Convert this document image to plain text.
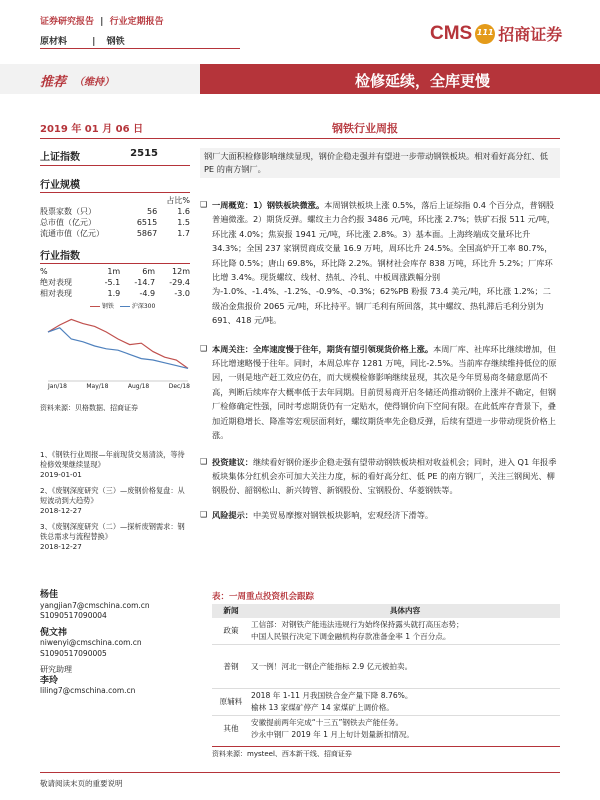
证券研究报告 | 行业定期报告
原材料	| 钢铁	CMS 111 招商证券
推荐 （维持）	检修延续，全库更慢
2019 年 01 月 06 日	钢铁行业周报
上证指数	2515
行业规模
		占比%
股票家数（只）	56	1.6
总市值（亿元）	6515	1.5
流通市值（亿元）	5867	1.7
行业指数
%	1m	6m	12m
绝对表现	-5.1	-14.7	-29.4
相对表现	1.9	-4.9	-3.0
钢铁	沪深300
Jan/18	May/18	Aug/18	Dec/18
资料来源：贝格数据、招商证券
1、《钢铁行业周报—年前现货交易清淡，等待检修效果继续显现》
2019-01-01
2、《废钢深度研究（三）—废钢价格复盘：从短波动到大趋势》
2018-12-27
3、《废钢深度研究（二）—探析废钢需求：钢铁总需求与流程替换》
2018-12-27
杨佳
yangjian7@cmschina.com.cn
S1090517090004
倪文祎
niwenyi@cmschina.com.cn
S1090517090005
研究助理
李玲
liling7@cmschina.com.cn
钢厂大面积检修影响继续显现，钢价企稳走强并有望进一步带动钢铁板块。相对看好高分红、低 PE 的南方钢厂。
❑ 一周概览：1）钢铁板块微涨。本周钢铁板块上涨 0.5%，落后上证综指 0.4 个百分点，普钢股普遍微涨。2）期货反弹。螺纹主力合约报 3486 元/吨，环比涨 2.7%；铁矿石报 511 元/吨，环比涨 4.0%；焦炭报 1941 元/吨，环比涨 2.8%。3）基本面。上海终端成交量环比升 34.3%；全国 237 家钢贸商成交量 16.9 万吨，周环比升 24.5%。全国高炉开工率 80.7%，环比降 0.5%；唐山 69.8%，环比降 2.2%。钢材社会库存 838 万吨，环比升 5.2%；厂库环比增 3.4%。现货螺纹、线材、热轧、冷轧、中板周涨跌幅分别为-1.0%、-1.4%、-1.2%、-0.9%、-0.3%；62%PB 粉报 73.4 美元/吨，环比涨 1.2%；二级冶金焦报价 2065 元/吨，环比持平。钢厂毛利有所回落，其中螺纹、热轧滞后毛利分别为 691、418 元/吨。

❑ 本周关注：全库速度慢于往年，期货有望引领现货价格上涨。本周厂库、社库环比继续增加，但环比增速略慢于往年。同时，本周总库存 1281 万吨，同比-2.5%。当前库存继续维持低位的原因，一则是地产赶工效应仍在，而大规模检修影响继续显现，其次是今年贸易商冬储意愿尚不高，判断后续库存大概率低于去年同期。目前贸易商开启冬储还尚推动钢价上涨并不确定，但钢厂检修确定性强，同时考虑期货仍有一定贴水，使得钢价向下空间有限。在此低库存背景下，叠加近期稳增长、降准等宏观层面利好，螺纹期货率先企稳反弹，后续有望进一步带动现货价格上涨。

❑ 投资建议：继续看好钢价逐步企稳走强有望带动钢铁板块相对收益机会；同时，进入 Q1 年报季板块集体分红机会亦可加大关注力度，标的看好高分红、低 PE 的南方钢厂，关注三钢闽光、柳钢股份、韶钢松山、新兴铸管、新钢股份、宝钢股份、华菱钢铁等。

❑ 风险提示：中美贸易摩擦对钢铁板块影响，宏观经济下滑等。

表：一周重点投资机会跟踪
新闻	具体内容
政策	工信部：对钢铁产能违法违规行为始终保持露头就打高压态势；
中国人民银行决定下调金融机构存款准备金率 1 个百分点。

普钢	又一例！河北一钢企产能指标 2.9 亿元被拍卖。

原辅料	2018 年 1-11 月我国铁合金产量下降 8.76%。
榆林 13 家煤矿停产 14 家煤矿上调价格。

其他	安徽提前两年完成“十三五”钢铁去产能任务。
沙永中钢厂 2019 年 1 月上旬计划量新扣情况。
资料来源：mysteel、西本新干线、招商证券
敬请阅读末页的重要说明
